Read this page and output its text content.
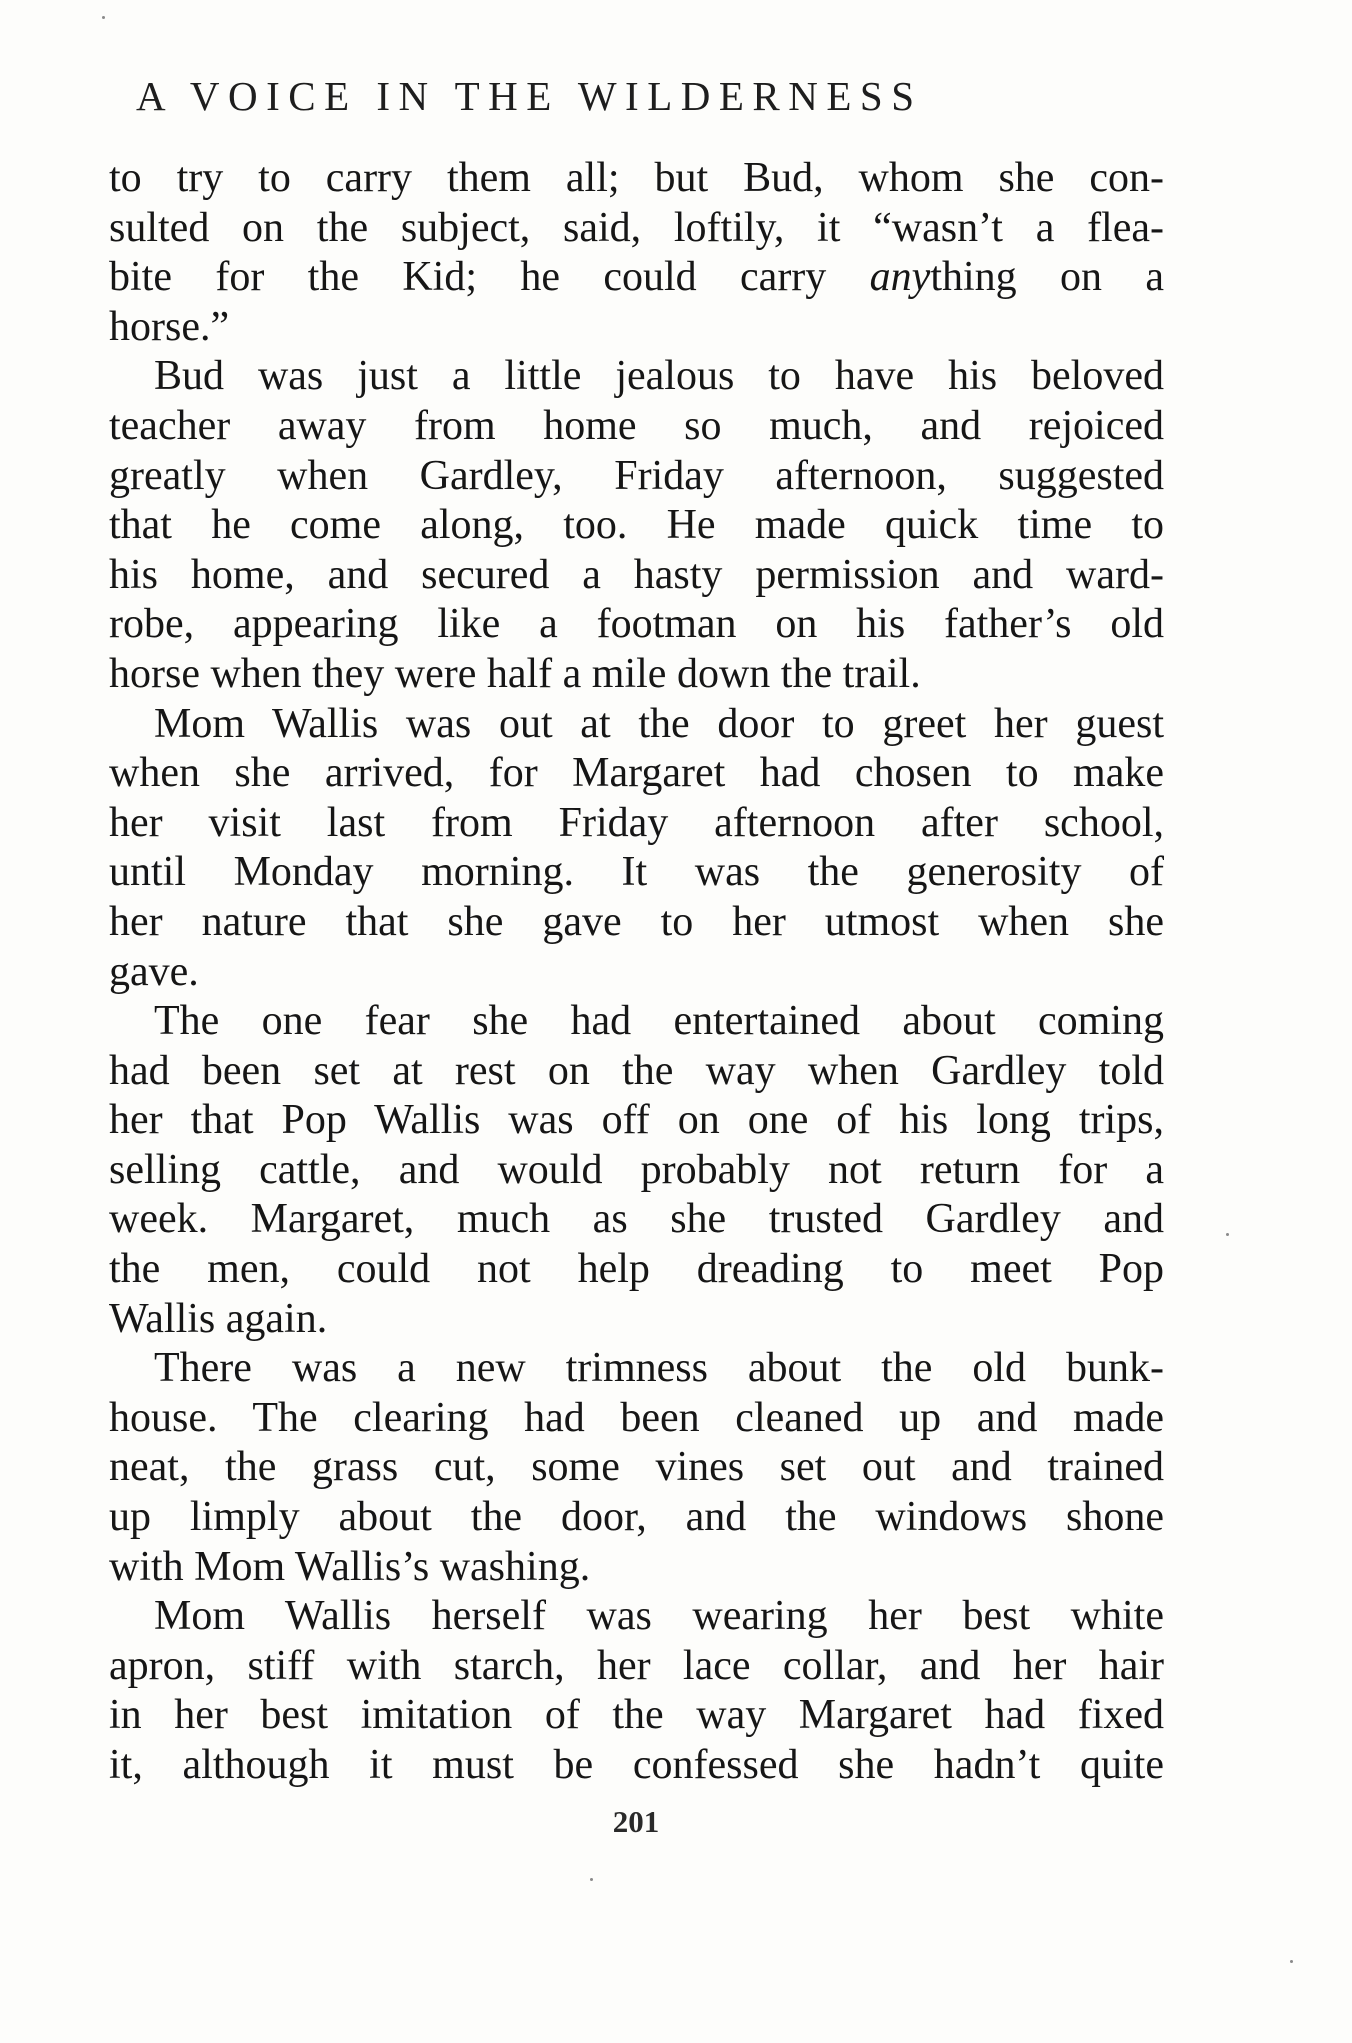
A VOICE IN THE WILDERNESS
to try to carry them all; but Bud, whom she con-
sulted on the subject, said, loftily, it “wasn’t a flea-
bite for the Kid; he could carry anything on a
horse.”
Bud was just a little jealous to have his beloved
teacher away from home so much, and rejoiced
greatly when Gardley, Friday afternoon, suggested
that he come along, too. He made quick time to
his home, and secured a hasty permission and ward-
robe, appearing like a footman on his father’s old
horse when they were half a mile down the trail.
Mom Wallis was out at the door to greet her guest
when she arrived, for Margaret had chosen to make
her visit last from Friday afternoon after school,
until Monday morning. It was the generosity of
her nature that she gave to her utmost when she
gave.
The one fear she had entertained about coming
had been set at rest on the way when Gardley told
her that Pop Wallis was off on one of his long trips,
selling cattle, and would probably not return for a
week. Margaret, much as she trusted Gardley and
the men, could not help dreading to meet Pop
Wallis again.
There was a new trimness about the old bunk-
house. The clearing had been cleaned up and made
neat, the grass cut, some vines set out and trained
up limply about the door, and the windows shone
with Mom Wallis’s washing.
Mom Wallis herself was wearing her best white
apron, stiff with starch, her lace collar, and her hair
in her best imitation of the way Margaret had fixed
it, although it must be confessed she hadn’t quite
201
